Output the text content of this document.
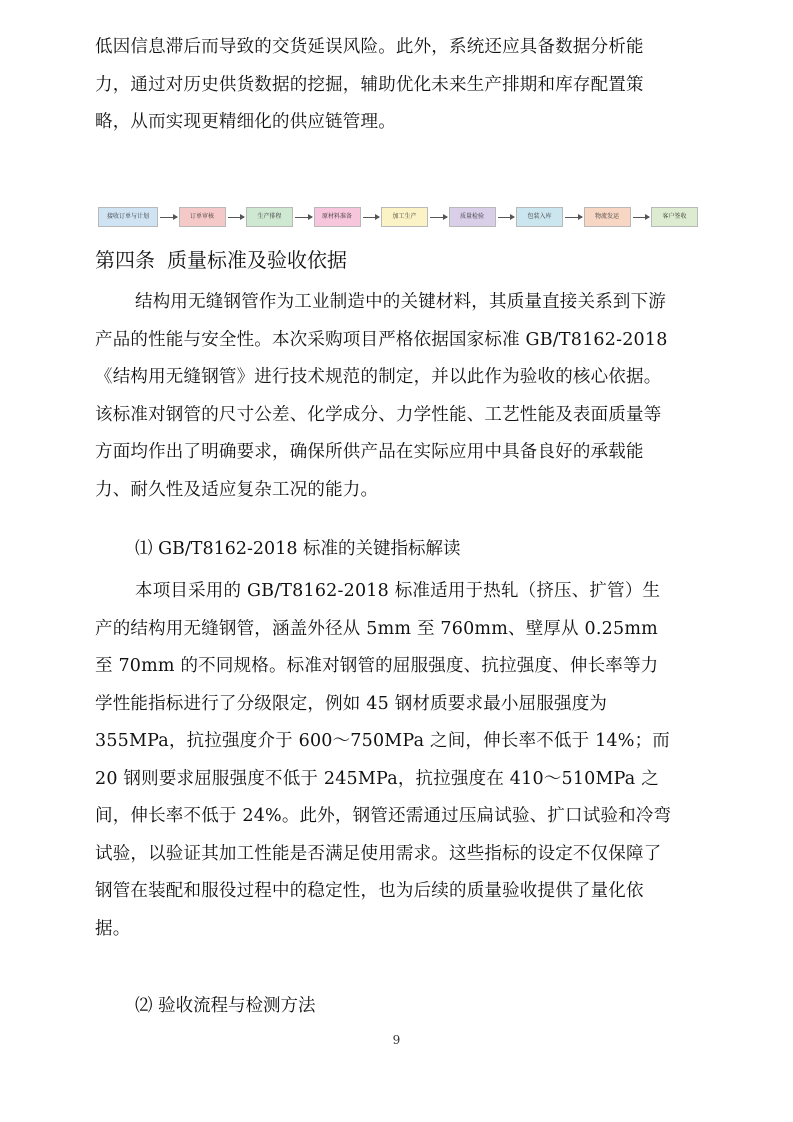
低因信息滞后而导致的交货延误风险。此外，系统还应具备数据分析能
力，通过对历史供货数据的挖掘，辅助优化未来生产排期和库存配置策
略，从而实现更精细化的供应链管理。
接收订单与计划	订单审核	生产排程	原材料准备	加工生产	质量检验	包装入库	物流发运	客户签收
第四条 质量标准及验收依据
结构用无缝钢管作为工业制造中的关键材料，其质量直接关系到下游
产品的性能与安全性。本次采购项目严格依据国家标准 GB/T8162-2018
《结构用无缝钢管》进行技术规范的制定，并以此作为验收的核心依据。
该标准对钢管的尺寸公差、化学成分、力学性能、工艺性能及表面质量等
方面均作出了明确要求，确保所供产品在实际应用中具备良好的承载能
力、耐久性及适应复杂工况的能力。
⑴ GB/T8162-2018 标准的关键指标解读
本项目采用的 GB/T8162-2018 标准适用于热轧（挤压、扩管）生
产的结构用无缝钢管，涵盖外径从 5mm 至 760mm、壁厚从 0.25mm
至 70mm 的不同规格。标准对钢管的屈服强度、抗拉强度、伸长率等力
学性能指标进行了分级限定，例如 45 钢材质要求最小屈服强度为
355MPa，抗拉强度介于 600～750MPa 之间，伸长率不低于 14%；而
20 钢则要求屈服强度不低于 245MPa，抗拉强度在 410～510MPa 之
间，伸长率不低于 24%。此外，钢管还需通过压扁试验、扩口试验和冷弯
试验，以验证其加工性能是否满足使用需求。这些指标的设定不仅保障了
钢管在装配和服役过程中的稳定性，也为后续的质量验收提供了量化依
据。
⑵ 验收流程与检测方法
9
